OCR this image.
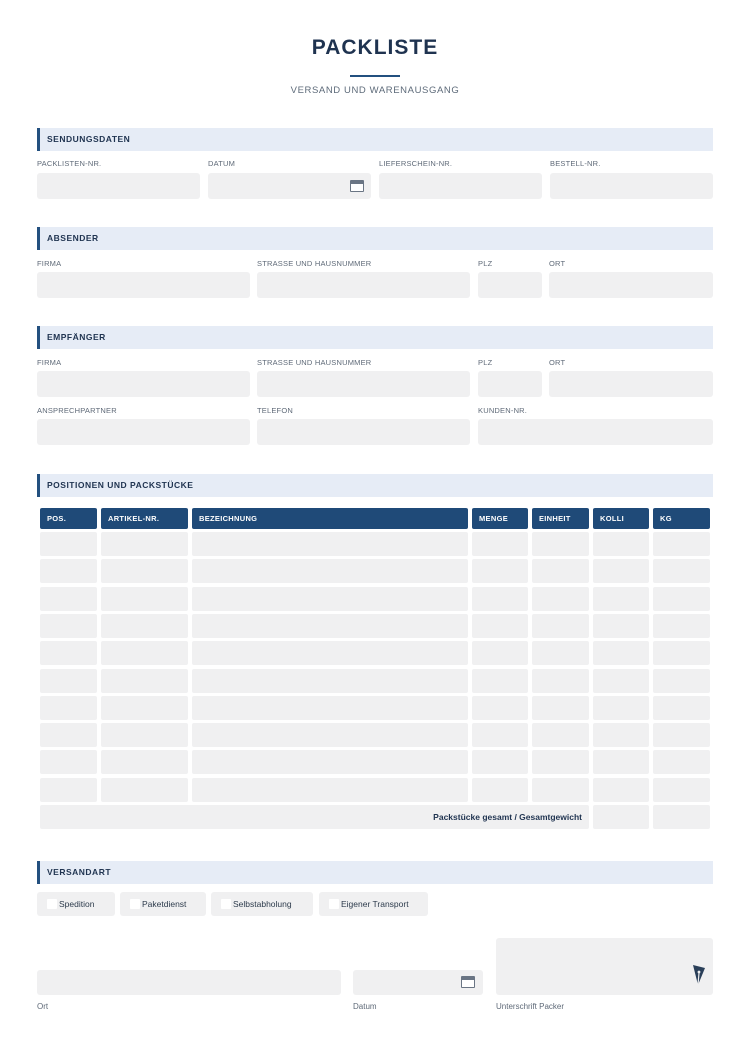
PACKLISTE
VERSAND UND WARENAUSGANG
SENDUNGSDATEN
PACKLISTEN-NR.	DATUM	LIEFERSCHEIN-NR.	BESTELL-NR.
ABSENDER
FIRMA	STRASSE UND HAUSNUMMER	PLZ	ORT
EMPFÄNGER
FIRMA	STRASSE UND HAUSNUMMER	PLZ	ORT
ANSPRECHPARTNER	TELEFON	KUNDEN-NR.
POSITIONEN UND PACKSTÜCKE
POS.	ARTIKEL-NR.	BEZEICHNUNG	MENGE	EINHEIT	KOLLI	KG
Packstücke gesamt / Gesamtgewicht
VERSANDART
Spedition	Paketdienst	Selbstabholung	Eigener Transport
Ort	Datum	Unterschrift Packer
